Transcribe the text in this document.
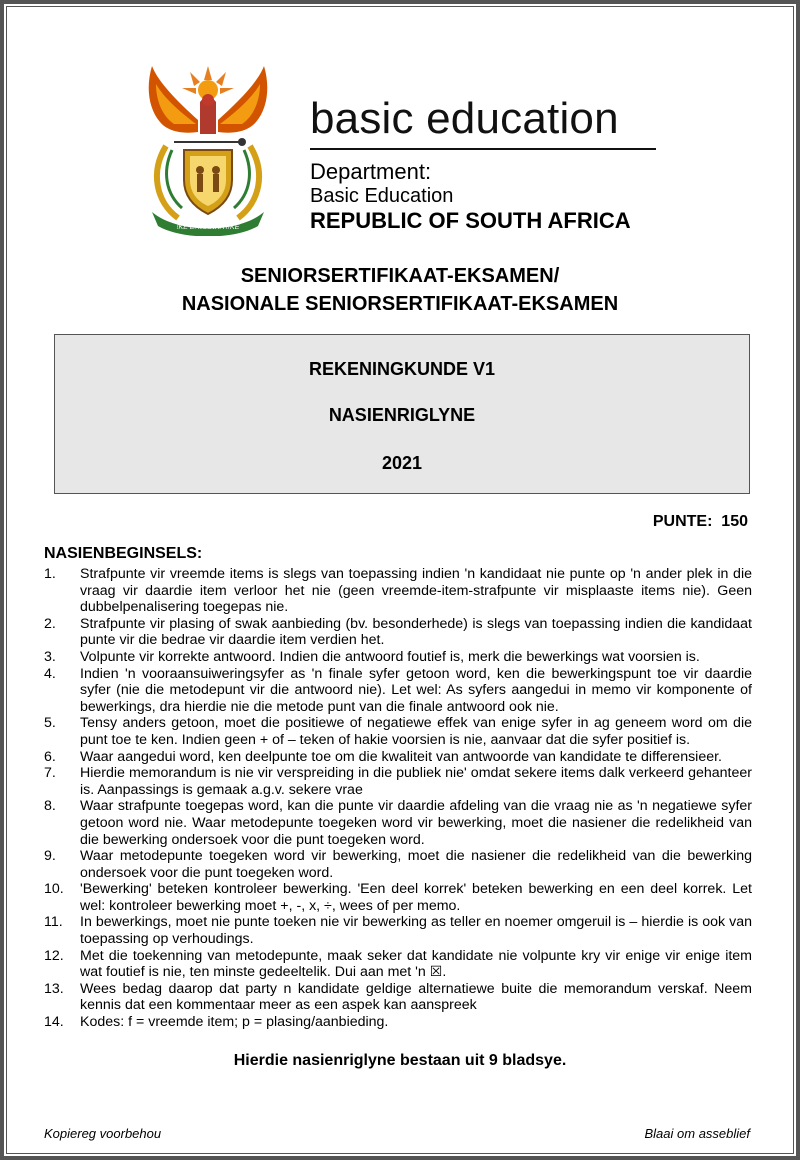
!KE E: /XARRA //KE
basic education
Department:
Basic Education
REPUBLIC OF SOUTH AFRICA
SENIORSERTIFIKAAT-EKSAMEN/
NASIONALE SENIORSERTIFIKAAT-EKSAMEN
REKENINGKUNDE V1
NASIENRIGLYNE
2021
PUNTE:  150
NASIENBEGINSELS:
1.	Strafpunte vir vreemde items is slegs van toepassing indien 'n kandidaat nie punte op 'n ander plek in die vraag vir daardie item verloor het nie (geen vreemde-item-strafpunte vir misplaaste items nie). Geen dubbelpenalisering toegepas nie.
2.	Strafpunte vir plasing of swak aanbieding (bv. besonderhede) is slegs van toepassing indien die kandidaat punte vir die bedrae vir daardie item verdien het.
3.	Volpunte vir korrekte antwoord. Indien die antwoord foutief is, merk die bewerkings wat voorsien is.
4.	Indien 'n vooraansuiweringsyfer as 'n finale syfer getoon word, ken die bewerkingspunt toe vir daardie syfer (nie die metodepunt vir die antwoord nie). Let wel: As syfers aangedui in memo vir komponente of bewerkings, dra hierdie nie die metode punt van die finale antwoord ook nie.
5.	Tensy anders getoon, moet die positiewe of negatiewe effek van enige syfer in ag geneem word om die punt toe te ken. Indien geen + of – teken of hakie voorsien is nie, aanvaar dat die syfer positief is.
6.	Waar aangedui word, ken deelpunte toe om die kwaliteit van antwoorde van kandidate te differensieer.
7.	Hierdie memorandum is nie vir verspreiding in die publiek nie' omdat sekere items dalk verkeerd gehanteer is. Aanpassings is gemaak a.g.v. sekere vrae
8.	Waar strafpunte toegepas word, kan die punte vir daardie afdeling van die vraag nie as 'n negatiewe syfer getoon word nie. Waar metodepunte toegeken word vir bewerking, moet die nasiener die redelikheid van die bewerking ondersoek voor die punt toegeken word.
9.	Waar metodepunte toegeken word vir bewerking, moet die nasiener die redelikheid van die bewerking ondersoek voor die punt toegeken word.
10.	'Bewerking' beteken kontroleer bewerking. 'Een deel korrek' beteken bewerking en een deel korrek. Let wel: kontroleer bewerking moet +, -, x, ÷, wees of per memo.
11.	In bewerkings, moet nie punte toeken nie vir bewerking as teller en noemer omgeruil is – hierdie is ook van toepassing op verhoudings.
12.	Met die toekenning van metodepunte, maak seker dat kandidate nie volpunte kry vir enige vir enige item wat foutief is nie, ten minste gedeeltelik. Dui aan met 'n ☒.
13.	Wees bedag daarop dat party n kandidate geldige alternatiewe buite die memorandum verskaf. Neem kennis dat een kommentaar meer as een aspek kan aanspreek
14.	Kodes: f = vreemde item; p = plasing/aanbieding.
Hierdie nasienriglyne bestaan uit 9 bladsye.
Kopiereg voorbehou	Blaai om asseblief
